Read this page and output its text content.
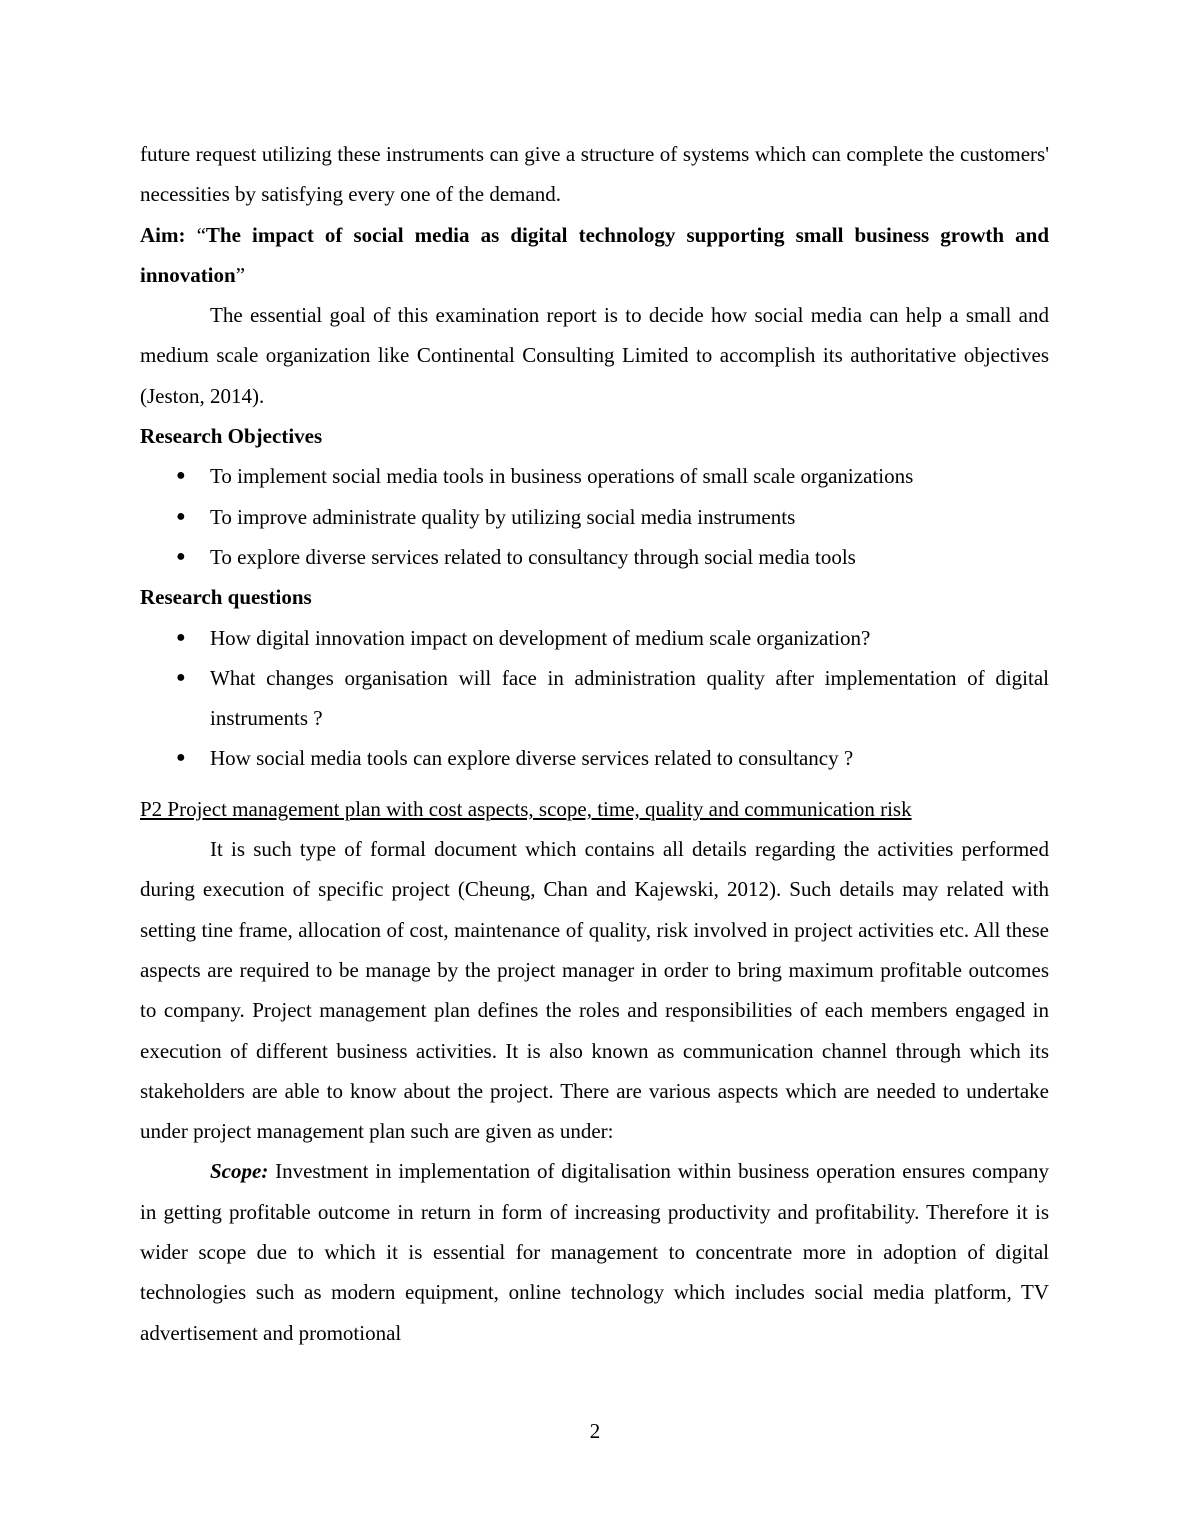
future request utilizing these instruments can give a structure of systems which can complete the customers' necessities by satisfying every one of the demand.

Aim: “The impact of social media as digital technology supporting small business growth and innovation”

The essential goal of this examination report is to decide how social media can help a small and medium scale organization like Continental Consulting Limited to accomplish its authoritative objectives (Jeston, 2014).

Research Objectives

● To implement social media tools in business operations of small scale organizations
● To improve administrate quality by utilizing social media instruments
● To explore diverse services related to consultancy through social media tools

Research questions

● How digital innovation impact on development of medium scale organization?
● What changes organisation will face in administration quality after implementation of digital instruments ?
● How social media tools can explore diverse services related to consultancy ?

P2 Project management plan with cost aspects, scope, time, quality and communication risk

It is such type of formal document which contains all details regarding the activities performed during execution of specific project (Cheung, Chan and Kajewski, 2012). Such details may related with setting tine frame, allocation of cost, maintenance of quality, risk involved in project activities etc. All these aspects are required to be manage by the project manager in order to bring maximum profitable outcomes to company. Project management plan defines the roles and responsibilities of each members engaged in execution of different business activities. It is also known as communication channel through which its stakeholders are able to know about the project. There are various aspects which are needed to undertake under project management plan such are given as under:

Scope: Investment in implementation of digitalisation within business operation ensures company in getting profitable outcome in return in form of increasing productivity and profitability. Therefore it is wider scope due to which it is essential for management to concentrate more in adoption of digital technologies such as modern equipment, online technology which includes social media platform, TV advertisement and promotional

2
